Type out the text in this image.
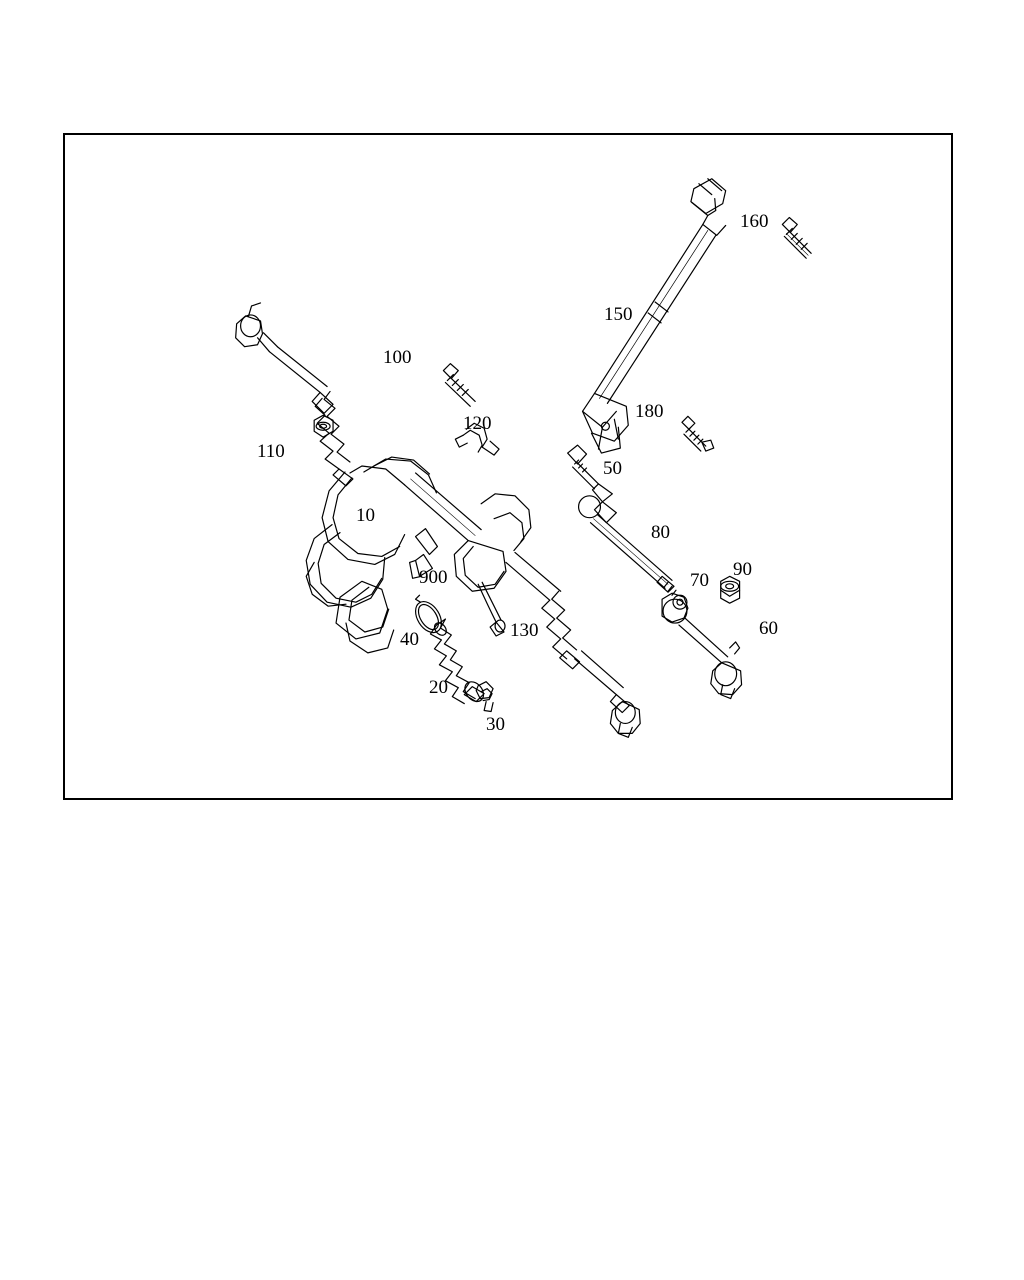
160
150
100
180
120
110
50
10
80
90
900	70
40	130	60
20
30
